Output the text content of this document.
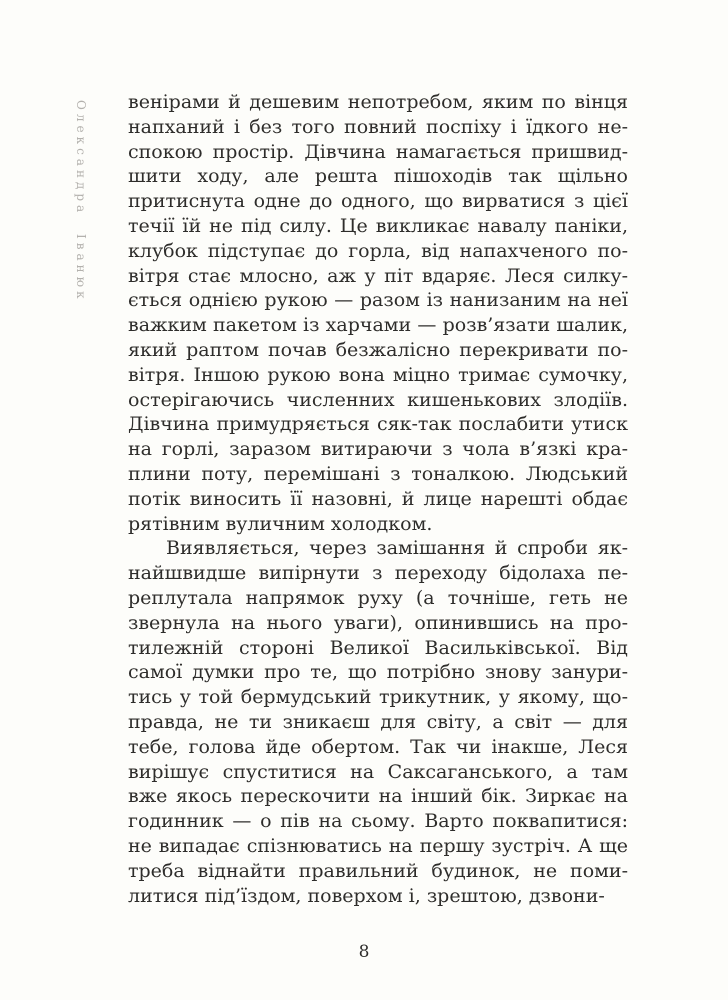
Олександра Іванюк венірами й дешевим непотребом, яким по вінця
напханий і без того повний поспіху і їдкого не-
спокою простір. Дівчина намагається пришвид-
шити ходу, але решта пішоходів так щільно
притиснута одне до одного, що вирватися з цієї
течії їй не під силу. Це викликає навалу паніки,
клубок підступає до горла, від напахченого по-
вітря стає млосно, аж у піт вдаряє. Леся силку-
ється однією рукою — разом із нанизаним на неї
важким пакетом із харчами — розв’язати шалик,
який раптом почав безжалісно перекривати по-
вітря. Іншою рукою вона міцно тримає сумочку,
остерігаючись численних кишенькових злодіїв.
Дівчина примудряється сяк-так послабити утиск
на горлі, заразом витираючи з чола в’язкі кра-
плини поту, перемішані з тоналкою. Людський
потік виносить її назовні, й лице нарешті обдає
рятівним вуличним холодком.

Виявляється, через замішання й спроби як-
найшвидше випірнути з переходу бідолаха пе-
реплутала напрямок руху (а точніше, геть не
звернула на нього уваги), опинившись на про-
тилежній стороні Великої Васильківської. Від
самої думки про те, що потрібно знову занури-
тись у той бермудський трикутник, у якому, що-
правда, не ти зникаєш для світу, а світ — для
тебе, голова йде обертом. Так чи інакше, Леся
вирішує спуститися на Саксаганського, а там
вже якось перескочити на інший бік. Зиркає на
годинник — о пів на сьому. Варто поквапитися:
не випадає спізнюватись на першу зустріч. А ще
треба віднайти правильний будинок, не поми-
литися під’їздом, поверхом і, зрештою, дзвони-

8
